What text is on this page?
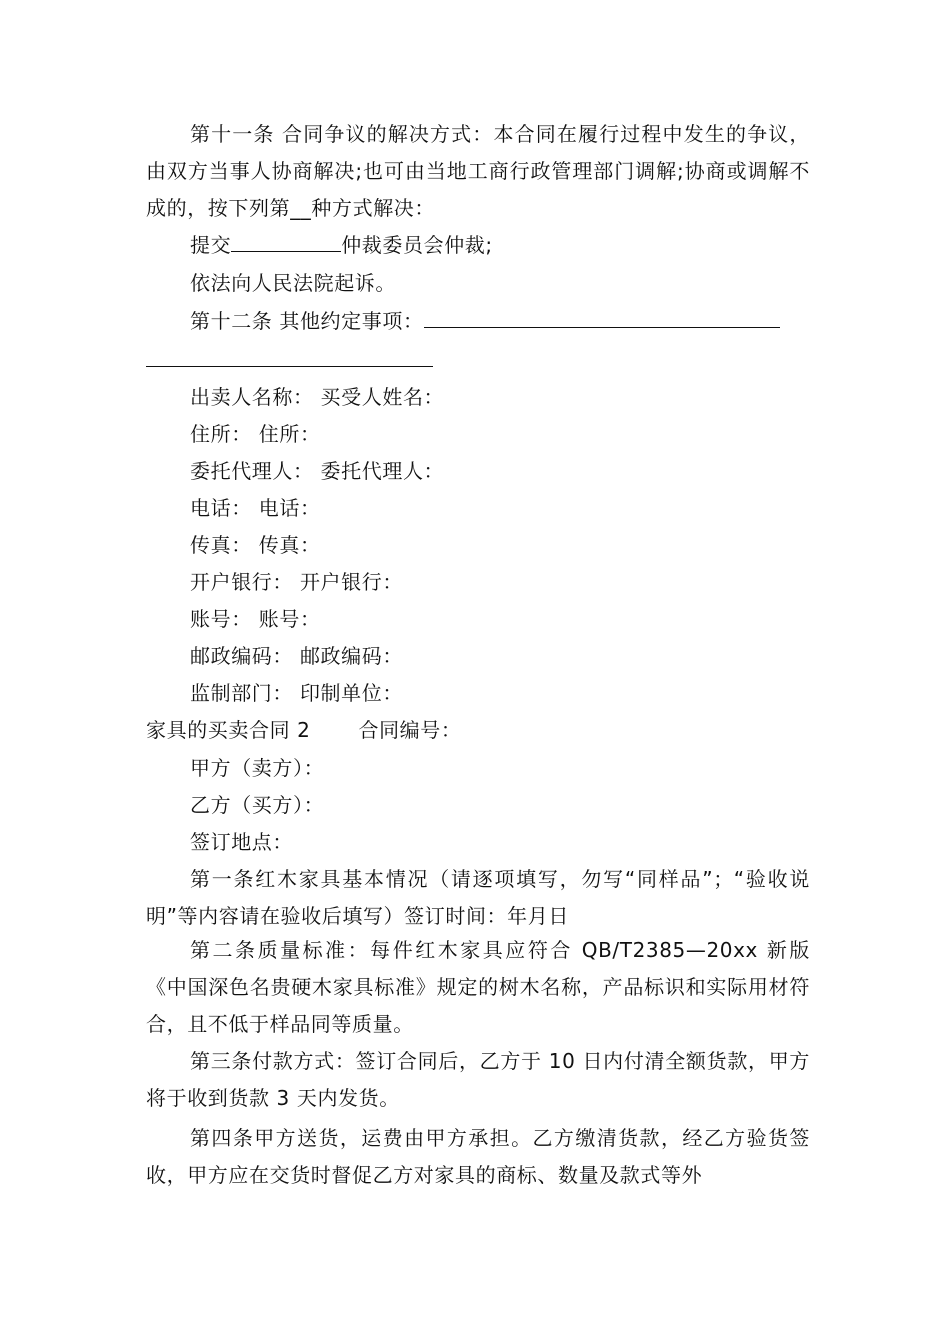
第十一条 合同争议的解决方式：本合同在履行过程中发生的争议，由双方当事人协商解决;也可由当地工商行政管理部门调解;协商或调解不成的，按下列第__种方式解决：

提交	仲裁委员会仲裁;

依法向人民法院起诉。

第十二条 其他约定事项：

出卖人名称： 买受人姓名：

住所： 住所：

委托代理人： 委托代理人：

电话： 电话：

传真： 传真：

开户银行： 开户银行：

账号： 账号：

邮政编码： 邮政编码：

监制部门： 印制单位：

家具的买卖合同 2 合同编号：

甲方（卖方）：

乙方（买方）：

签订地点：

第一条红木家具基本情况（请逐项填写，勿写“同样品”；“验收说明”等内容请在验收后填写）签订时间：年月日

第二条质量标准：每件红木家具应符合 QB/T2385—20xx 新版《中国深色名贵硬木家具标准》规定的树木名称，产品标识和实际用材符合，且不低于样品同等质量。

第三条付款方式：签订合同后，乙方于 10 日内付清全额货款，甲方将于收到货款 3 天内发货。

第四条甲方送货，运费由甲方承担。乙方缴清货款，经乙方验货签收，甲方应在交货时督促乙方对家具的商标、数量及款式等外
